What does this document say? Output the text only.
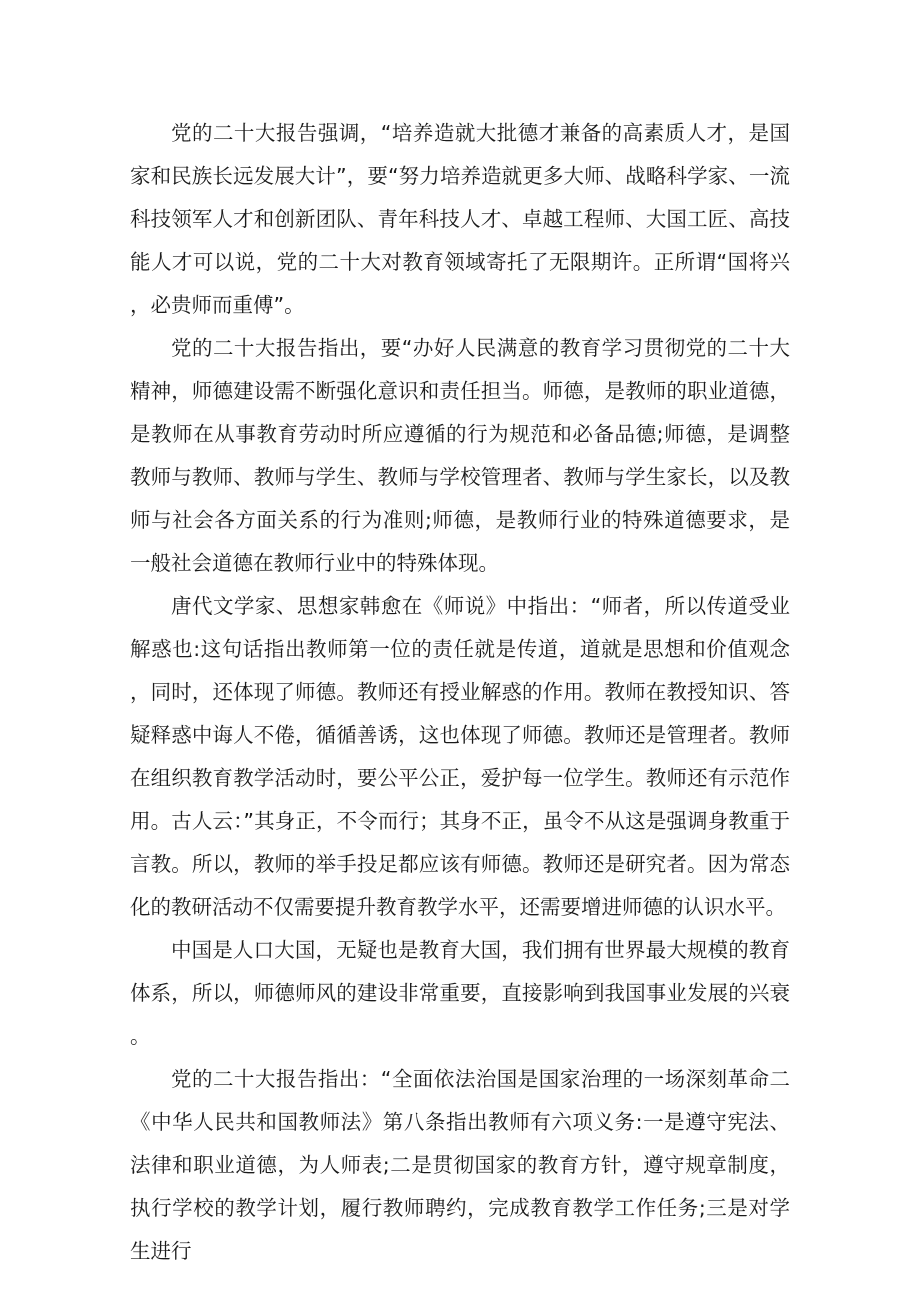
党的二十大报告强调，“培养造就大批德才兼备的高素质人才，是国家和民族长远发展大计”，要“努力培养造就更多大师、战略科学家、一流科技领军人才和创新团队、青年科技人才、卓越工程师、大国工匠、高技能人才可以说，党的二十大对教育领域寄托了无限期许。正所谓“国将兴，必贵师而重傅”。

党的二十大报告指出，要“办好人民满意的教育学习贯彻党的二十大精神，师德建设需不断强化意识和责任担当。师德，是教师的职业道德，是教师在从事教育劳动时所应遵循的行为规范和必备品德;师德，是调整教师与教师、教师与学生、教师与学校管理者、教师与学生家长，以及教师与社会各方面关系的行为准则;师德，是教师行业的特殊道德要求，是一般社会道德在教师行业中的特殊体现。

唐代文学家、思想家韩愈在《师说》中指出：“师者，所以传道受业解惑也:这句话指出教师第一位的责任就是传道，道就是思想和价值观念，同时，还体现了师德。教师还有授业解惑的作用。教师在教授知识、答疑释惑中诲人不倦，循循善诱，这也体现了师德。教师还是管理者。教师在组织教育教学活动时，要公平公正，爱护每一位学生。教师还有示范作用。古人云：”其身正，不令而行；其身不正，虽令不从这是强调身教重于言教。所以，教师的举手投足都应该有师德。教师还是研究者。因为常态化的教研活动不仅需要提升教育教学水平，还需要增进师德的认识水平。

中国是人口大国，无疑也是教育大国，我们拥有世界最大规模的教育体系，所以，师德师风的建设非常重要，直接影响到我国事业发展的兴衰。

党的二十大报告指出：“全面依法治国是国家治理的一场深刻革命二《中华人民共和国教师法》第八条指出教师有六项义务:一是遵守宪法、法律和职业道德，为人师表;二是贯彻国家的教育方针，遵守规章制度，执行学校的教学计划，履行教师聘约，完成教育教学工作任务;三是对学生进行
